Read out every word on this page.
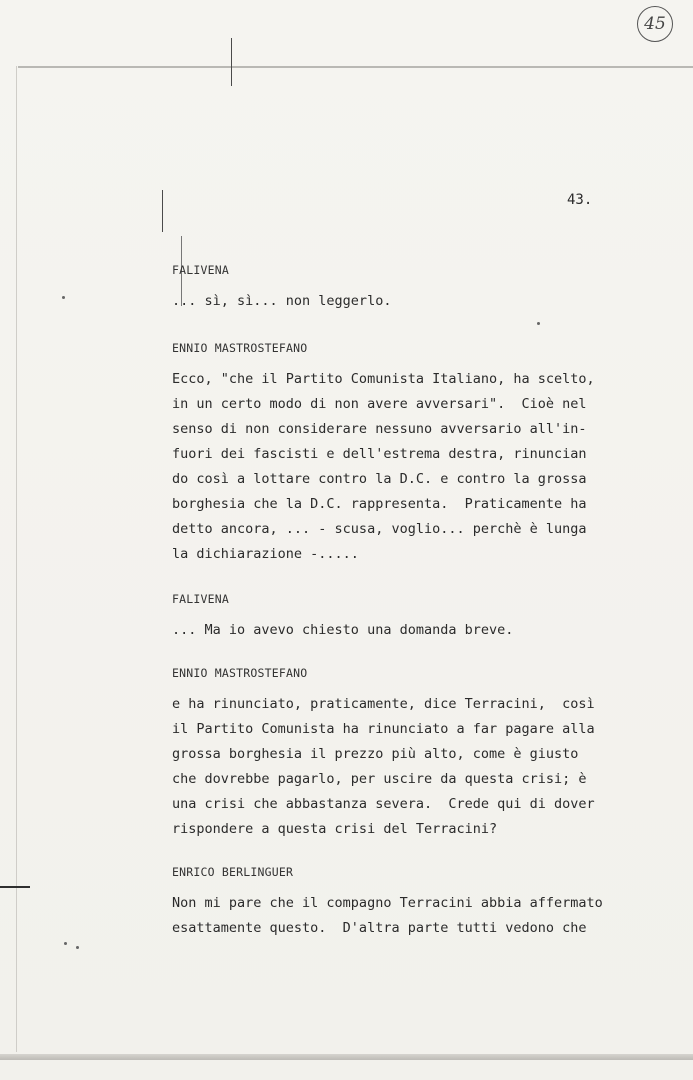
45
43.
FALIVENA
... sì, sì... non leggerlo.
ENNIO MASTROSTEFANO
Ecco, "che il Partito Comunista Italiano, ha scelto,
in un certo modo di non avere avversari".  Cioè nel
senso di non considerare nessuno avversario all'in-
fuori dei fascisti e dell'estrema destra, rinuncian
do così a lottare contro la D.C. e contro la grossa
borghesia che la D.C. rappresenta.  Praticamente ha
detto ancora, ... - scusa, voglio... perchè è lunga
la dichiarazione -.....
FALIVENA
... Ma io avevo chiesto una domanda breve.
ENNIO MASTROSTEFANO
e ha rinunciato, praticamente, dice Terracini,  così
il Partito Comunista ha rinunciato a far pagare alla
grossa borghesia il prezzo più alto, come è giusto
che dovrebbe pagarlo, per uscire da questa crisi; è
una crisi che abbastanza severa.  Crede qui di dover
rispondere a questa crisi del Terracini?
ENRICO BERLINGUER
Non mi pare che il compagno Terracini abbia affermato
esattamente questo.  D'altra parte tutti vedono che
